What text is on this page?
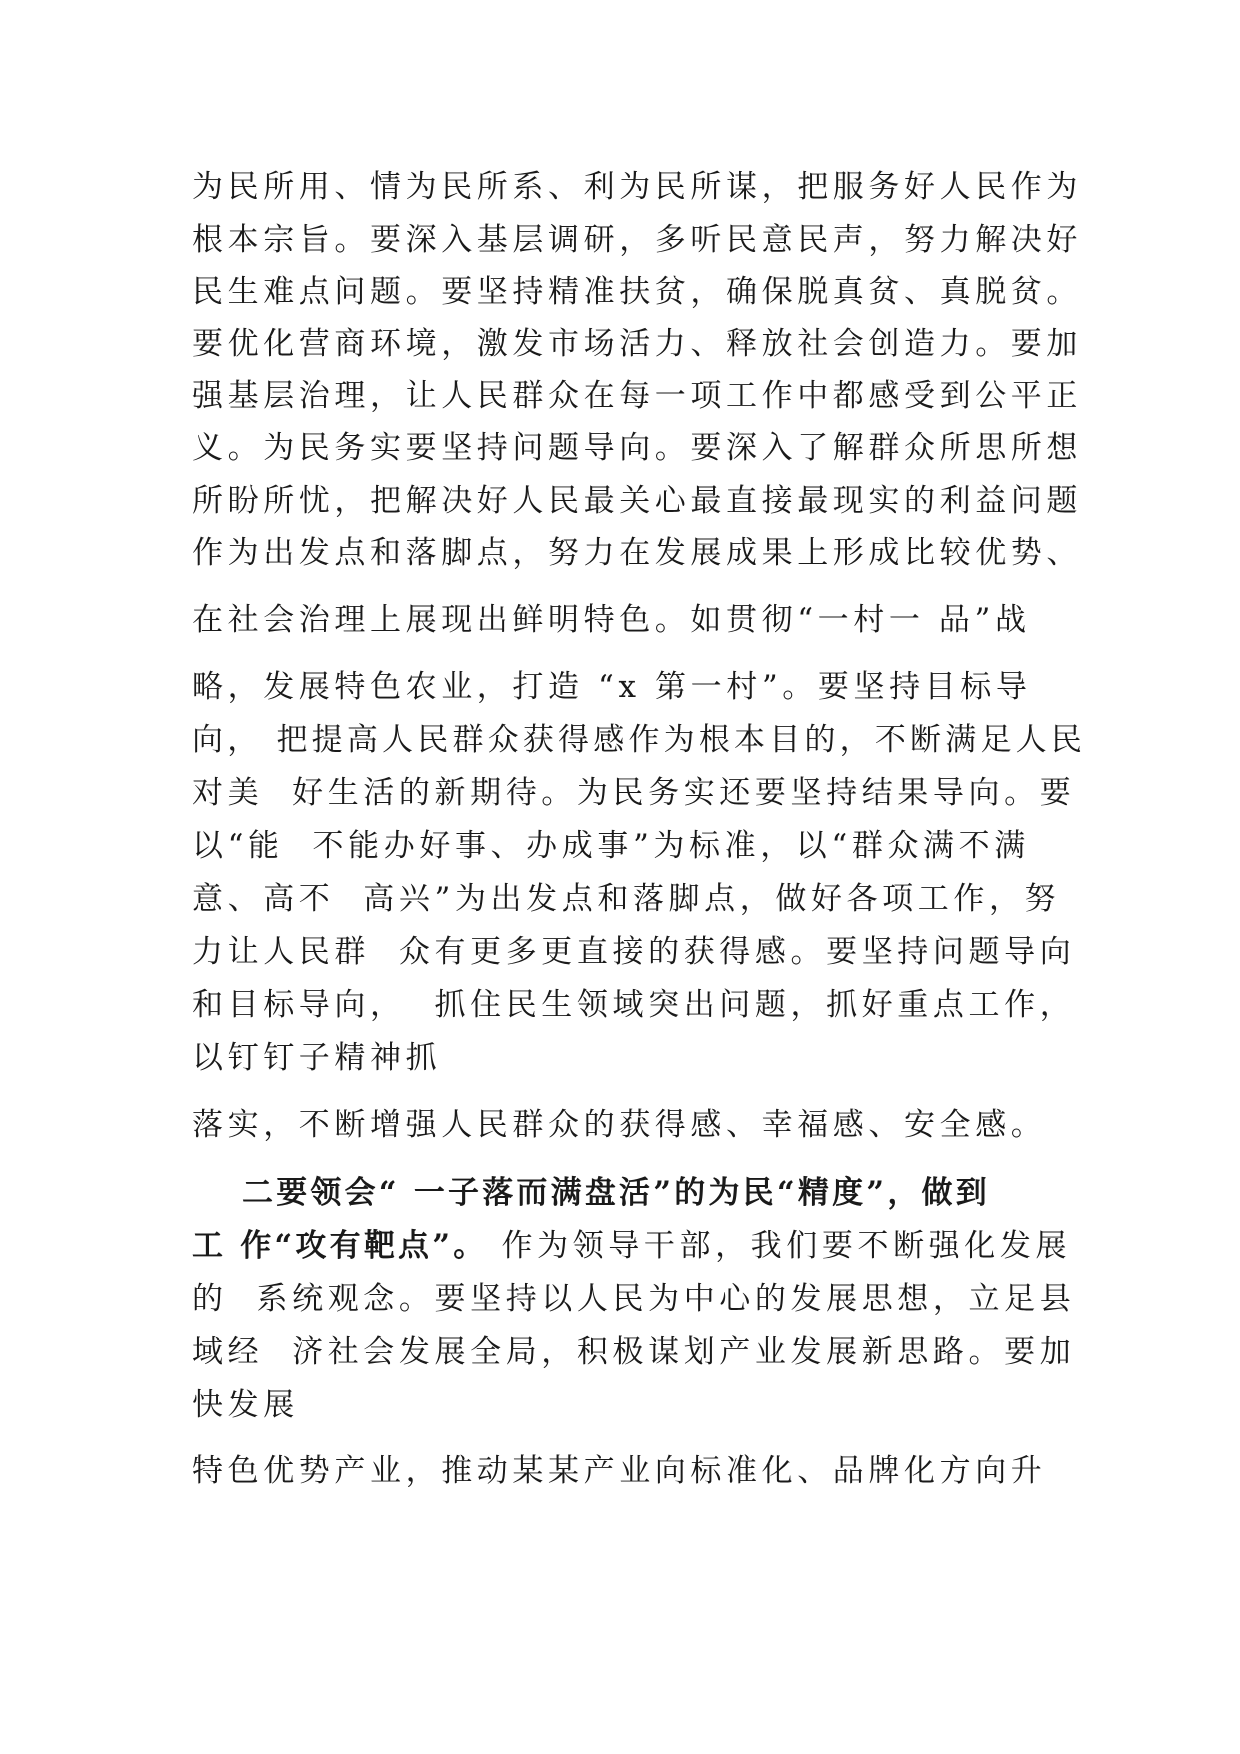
为民所用、情为民所系、利为民所谋，把服务好人民作为
根本宗旨。要深入基层调研，多听民意民声，努力解决好
民生难点问题。要坚持精准扶贫，确保脱真贫、真脱贫。
要优化营商环境，激发市场活力、释放社会创造力。要加
强基层治理，让人民群众在每一项工作中都感受到公平正
义。为民务实要坚持问题导向。要深入了解群众所思所想
所盼所忧，把解决好人民最关心最直接最现实的利益问题
作为出发点和落脚点，努力在发展成果上形成比较优势、
在社会治理上展现出鲜明特色。如贯彻“一村一 品”战
略，发展特色农业，打造 “x 第一村”。要坚持目标导
向， 把提高人民群众获得感作为根本目的，不断满足人民
对美  好生活的新期待。为民务实还要坚持结果导向。要
以“能  不能办好事、办成事”为标准，以“群众满不满
意、高不  高兴”为出发点和落脚点，做好各项工作，努
力让人民群  众有更多更直接的获得感。要坚持问题导向
和目标导向，  抓住民生领域突出问题，抓好重点工作，
以钉钉子精神抓
落实，不断增强人民群众的获得感、幸福感、安全感。
二要领会“ 一子落而满盘活”的为民“精度”，做到
工 作“攻有靶点”。 作为领导干部，我们要不断强化发展
的  系统观念。要坚持以人民为中心的发展思想，立足县
域经  济社会发展全局，积极谋划产业发展新思路。要加
快发展
特色优势产业，推动某某产业向标准化、品牌化方向升
